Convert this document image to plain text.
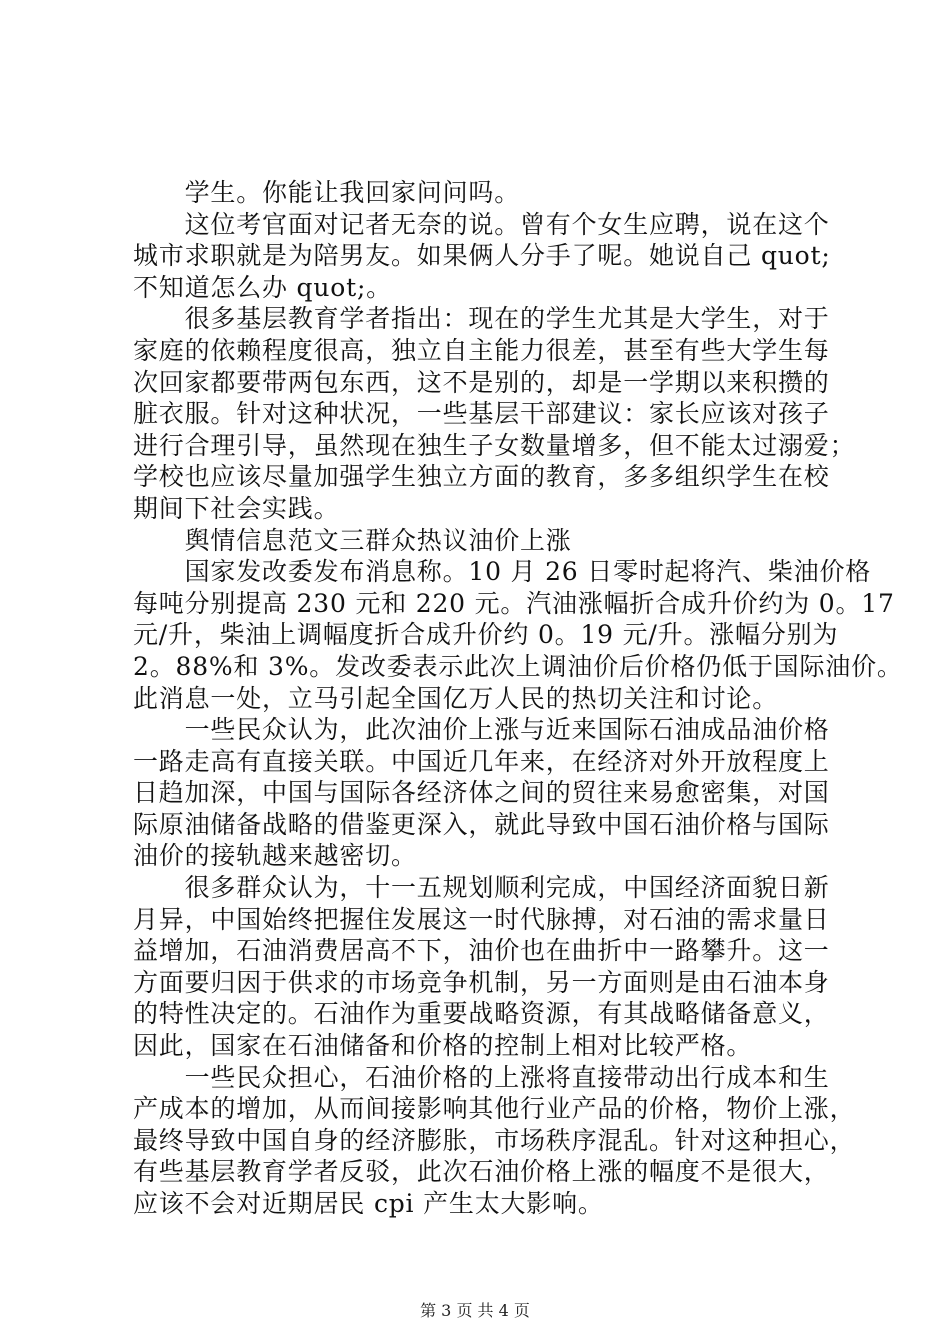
　　学生。你能让我回家问问吗。
　　这位考官面对记者无奈的说。曾有个女生应聘，说在这个
城市求职就是为陪男友。如果俩人分手了呢。她说自己 quot;
不知道怎么办 quot;。
　　很多基层教育学者指出：现在的学生尤其是大学生，对于
家庭的依赖程度很高，独立自主能力很差，甚至有些大学生每
次回家都要带两包东西，这不是别的，却是一学期以来积攒的
脏衣服。针对这种状况，一些基层干部建议：家长应该对孩子
进行合理引导，虽然现在独生子女数量增多，但不能太过溺爱；
学校也应该尽量加强学生独立方面的教育，多多组织学生在校
期间下社会实践。
　　舆情信息范文三群众热议油价上涨
　　国家发改委发布消息称。10 月 26 日零时起将汽、柴油价格
每吨分别提高 230 元和 220 元。汽油涨幅折合成升价约为 0。17
元/升，柴油上调幅度折合成升价约 0。19 元/升。涨幅分别为
2。88%和 3%。发改委表示此次上调油价后价格仍低于国际油价。
此消息一处，立马引起全国亿万人民的热切关注和讨论。
　　一些民众认为，此次油价上涨与近来国际石油成品油价格
一路走高有直接关联。中国近几年来，在经济对外开放程度上
日趋加深，中国与国际各经济体之间的贸往来易愈密集，对国
际原油储备战略的借鉴更深入，就此导致中国石油价格与国际
油价的接轨越来越密切。
　　很多群众认为，十一五规划顺利完成，中国经济面貌日新
月异，中国始终把握住发展这一时代脉搏，对石油的需求量日
益增加，石油消费居高不下，油价也在曲折中一路攀升。这一
方面要归因于供求的市场竞争机制，另一方面则是由石油本身
的特性决定的。石油作为重要战略资源，有其战略储备意义，
因此，国家在石油储备和价格的控制上相对比较严格。
　　一些民众担心，石油价格的上涨将直接带动出行成本和生
产成本的增加，从而间接影响其他行业产品的价格，物价上涨，
最终导致中国自身的经济膨胀，市场秩序混乱。针对这种担心，
有些基层教育学者反驳，此次石油价格上涨的幅度不是很大，
应该不会对近期居民 cpi 产生太大影响。
第 3 页 共 4 页
